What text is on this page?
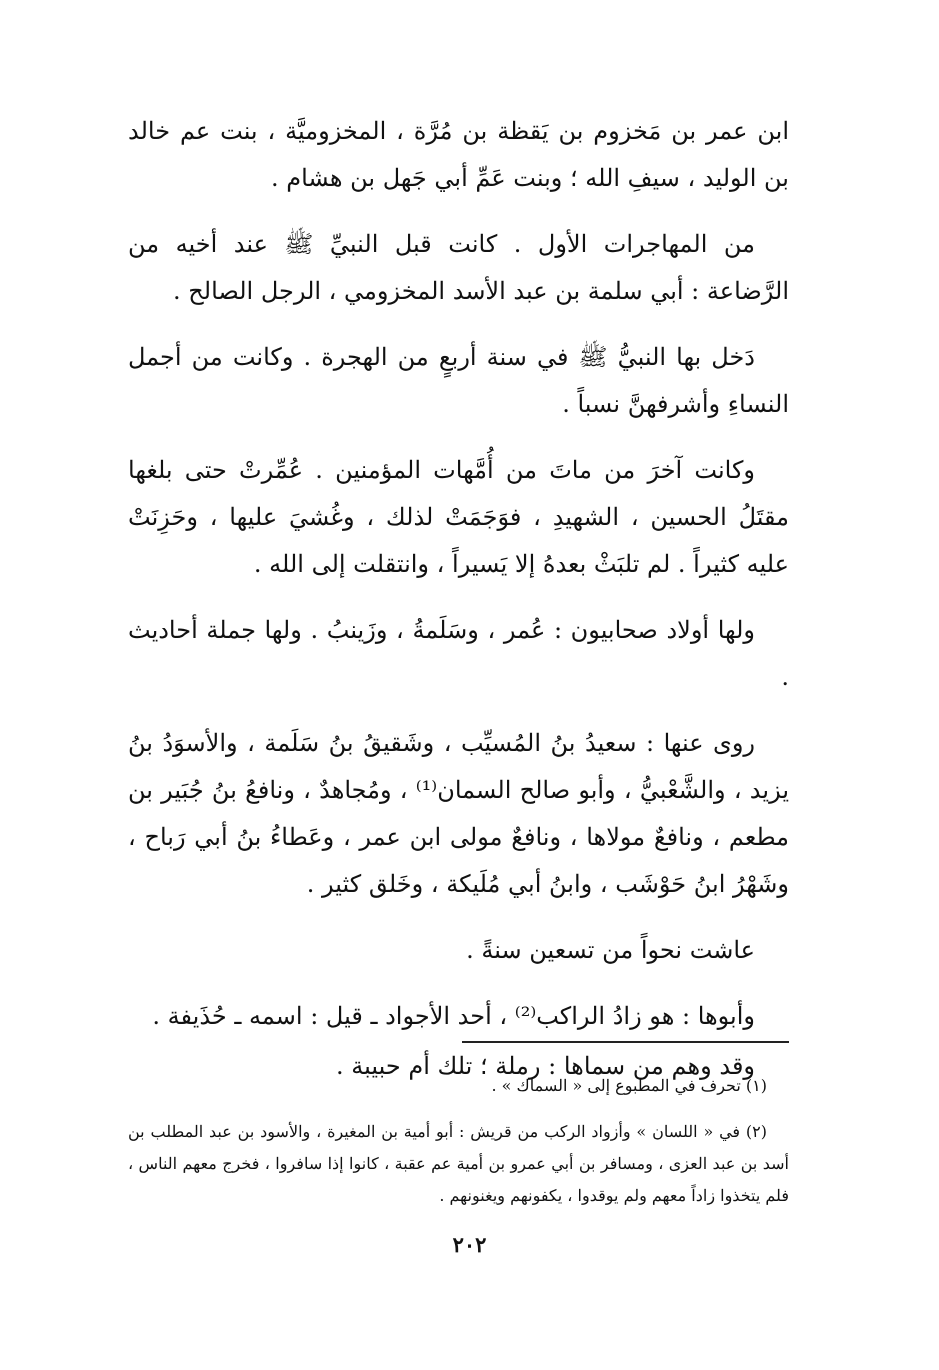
ابن عمر بن مَخزوم بن يَقظة بن مُرَّة ، المخزوميَّة ، بنت عم خالد بن الوليد ، سيفِ الله ؛ وبنت عَمِّ أبي جَهل بن هشام .

من المهاجرات الأول . كانت قبل النبيِّ ﷺ عند أخيه من الرَّضاعة : أبي سلمة بن عبد الأسد المخزومي ، الرجل الصالح .

دَخل بها النبيُّ ﷺ في سنة أربعٍ من الهجرة . وكانت من أجمل النساءِ وأشرفهنَّ نسباً .

وكانت آخرَ من ماتَ من أُمَّهات المؤمنين . عُمِّرتْ حتى بلغها مقتَلُ الحسين ، الشهيدِ ، فوَجَمَتْ لذلك ، وغُشيَ عليها ، وحَزِنَتْ عليه كثيراً . لم تلبَثْ بعدهُ إلا يَسيراً ، وانتقلت إلى الله .

ولها أولاد صحابيون : عُمر ، وسَلَمةُ ، وزَينبُ . ولها جملة أحاديث .

روى عنها : سعيدُ بنُ المُسيِّب ، وشَقيقُ بنُ سَلَمة ، والأسوَدُ بنُ يزيد ، والشَّعْبيُّ ، وأبو صالح السمان⁽¹⁾ ، ومُجاهدٌ ، ونافعُ بنُ جُبَير بن مطعم ، ونافعٌ مولاها ، ونافعٌ مولى ابن عمر ، وعَطاءُ بنُ أبي رَباح ، وشَهْرُ ابنُ حَوْشَب ، وابنُ أبي مُلَيكة ، وخَلق كثير .

عاشت نحواً من تسعين سنةً .

وأبوها : هو زادُ الراكب⁽²⁾ ، أحد الأجواد ـ قيل : اسمه ـ حُذَيفة .

وقد وهم من سماها : رملة ؛ تلك أم حبيبة .

(١) تحرف في المطبوع إلى « السماك » .

(٢) في « اللسان » وأزواد الركب من قريش : أبو أمية بن المغيرة ، والأسود بن عبد المطلب بن أسد بن عبد العزى ، ومسافر بن أبي عمرو بن أمية عم عقبة ، كانوا إذا سافروا ، فخرج معهم الناس ، فلم يتخذوا زاداً معهم ولم يوقدوا ، يكفونهم ويغنونهم .

٢٠٢
